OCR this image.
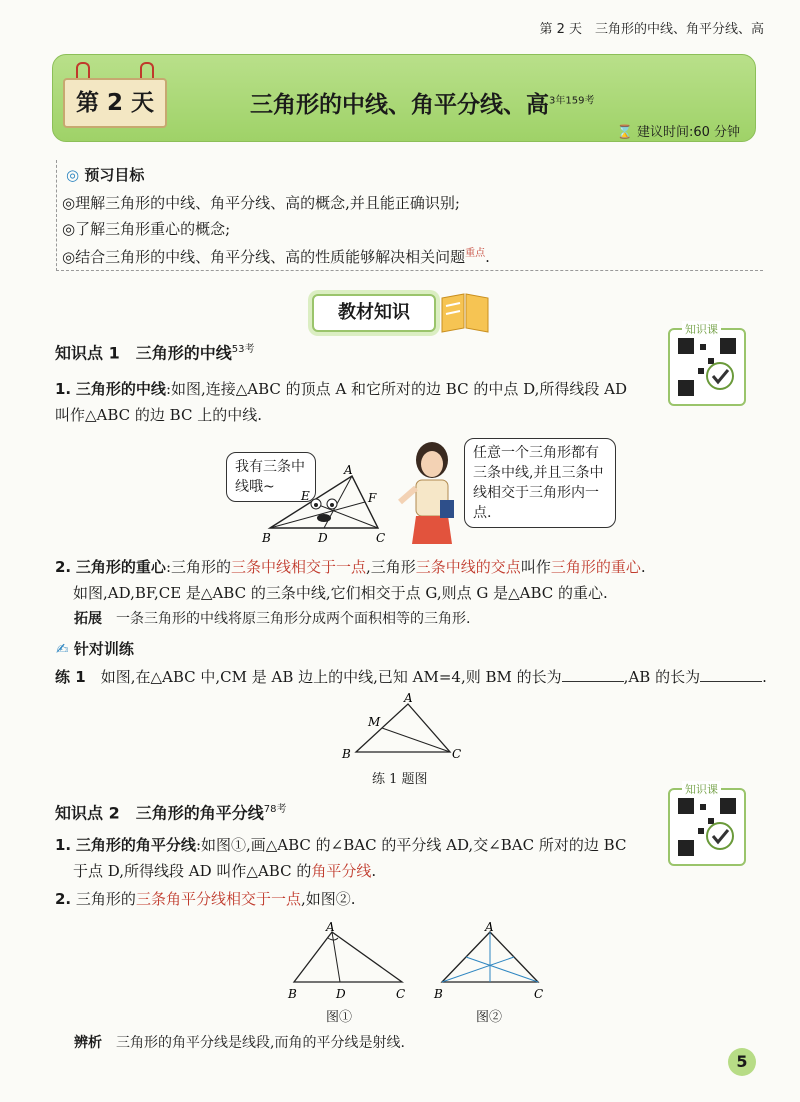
第 2 天　三角形的中线、角平分线、高
第 2 天	三角形的中线、角平分线、高$^{3年159考}$
⌛ 建议时间:60 分钟
◎ 预习目标
◎理解三角形的中线、角平分线、高的概念,并且能正确识别;
◎了解三角形重心的概念;
◎结合三角形的中线、角平分线、高的性质能够解决相关问题$^{重点}$.
教材知识
知识点 1　三角形的中线$^{53考}$
知识课
1. 三角形的中线:如图,连接△ABC 的顶点 A 和它所对的边 BC 的中点 D,所得线段 AD
叫作△ABC 的边 BC 上的中线.
我有三条中线哦~
A
B	D	C
E	F
任意一个三角形都有三条中线,并且三条中线相交于三角形内一点.
2. 三角形的重心:三角形的三条中线相交于一点,三角形三条中线的交点叫作三角形的重心.
如图,AD,BF,CE 是△ABC 的三条中线,它们相交于点 G,则点 G 是△ABC 的重心.
拓展　 一条三角形的中线将原三角形分成两个面积相等的三角形.
✍ 针对训练
练 1　 如图,在△ABC 中,CM 是 AB 边上的中线,已知 AM=4,则 BM 的长为	,AB 的长为	.
A
B	C
M
练 1 题图
知识点 2　三角形的角平分线$^{78考}$
知识课
1. 三角形的角平分线:如图①,画△ABC 的∠BAC 的平分线 AD,交∠BAC 所对的边 BC
于点 D,所得线段 AD 叫作△ABC 的角平分线.
2. 三角形的三条角平分线相交于一点,如图②.
A
B	D	C
A
B	C
图①	图②
辨析　 三角形的角平分线是线段,而角的平分线是射线.
5
